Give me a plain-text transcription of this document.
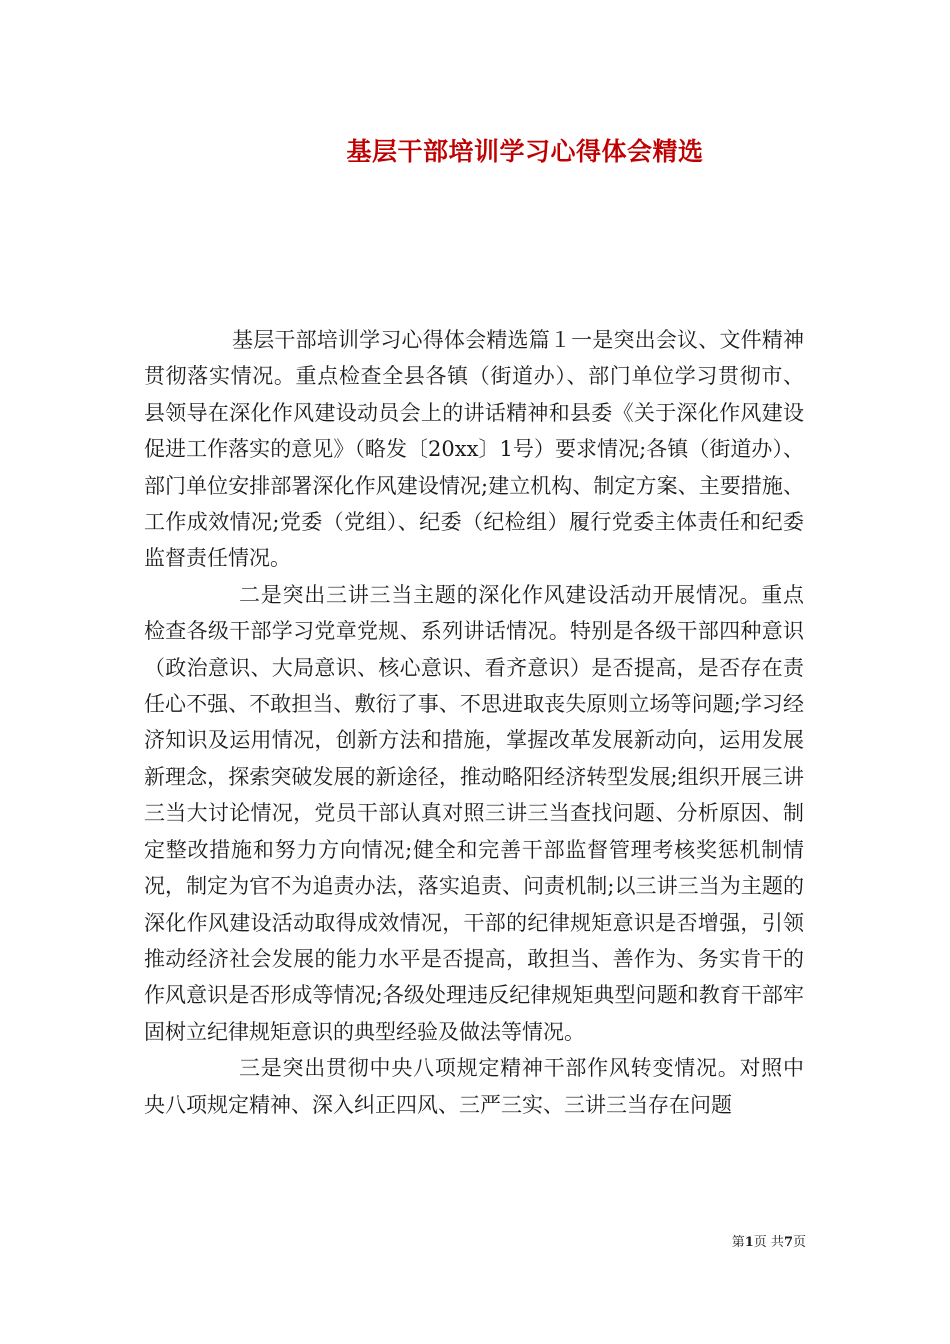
基层干部培训学习心得体会精选

基层干部培训学习心得体会精选篇１一是突出会议、文件精神贯彻落实情况。重点检查全县各镇（街道办）、部门单位学习贯彻市、县领导在深化作风建设动员会上的讲话精神和县委《关于深化作风建设促进工作落实的意见》（略发〔20xx〕1号）要求情况;各镇（街道办）、部门单位安排部署深化作风建设情况;建立机构、制定方案、主要措施、工作成效情况;党委（党组）、纪委（纪检组）履行党委主体责任和纪委监督责任情况。

二是突出三讲三当主题的深化作风建设活动开展情况。重点检查各级干部学习党章党规、系列讲话情况。特别是各级干部四种意识（政治意识、大局意识、核心意识、看齐意识）是否提高，是否存在责任心不强、不敢担当、敷衍了事、不思进取丧失原则立场等问题;学习经济知识及运用情况，创新方法和措施，掌握改革发展新动向，运用发展新理念，探索突破发展的新途径，推动略阳经济转型发展;组织开展三讲三当大讨论情况，党员干部认真对照三讲三当查找问题、分析原因、制定整改措施和努力方向情况;健全和完善干部监督管理考核奖惩机制情况，制定为官不为追责办法，落实追责、问责机制;以三讲三当为主题的深化作风建设活动取得成效情况，干部的纪律规矩意识是否增强，引领推动经济社会发展的能力水平是否提高，敢担当、善作为、务实肯干的作风意识是否形成等情况;各级处理违反纪律规矩典型问题和教育干部牢固树立纪律规矩意识的典型经验及做法等情况。

三是突出贯彻中央八项规定精神干部作风转变情况。对照中央八项规定精神、深入纠正四风、三严三实、三讲三当存在问题

第1页 共7页
